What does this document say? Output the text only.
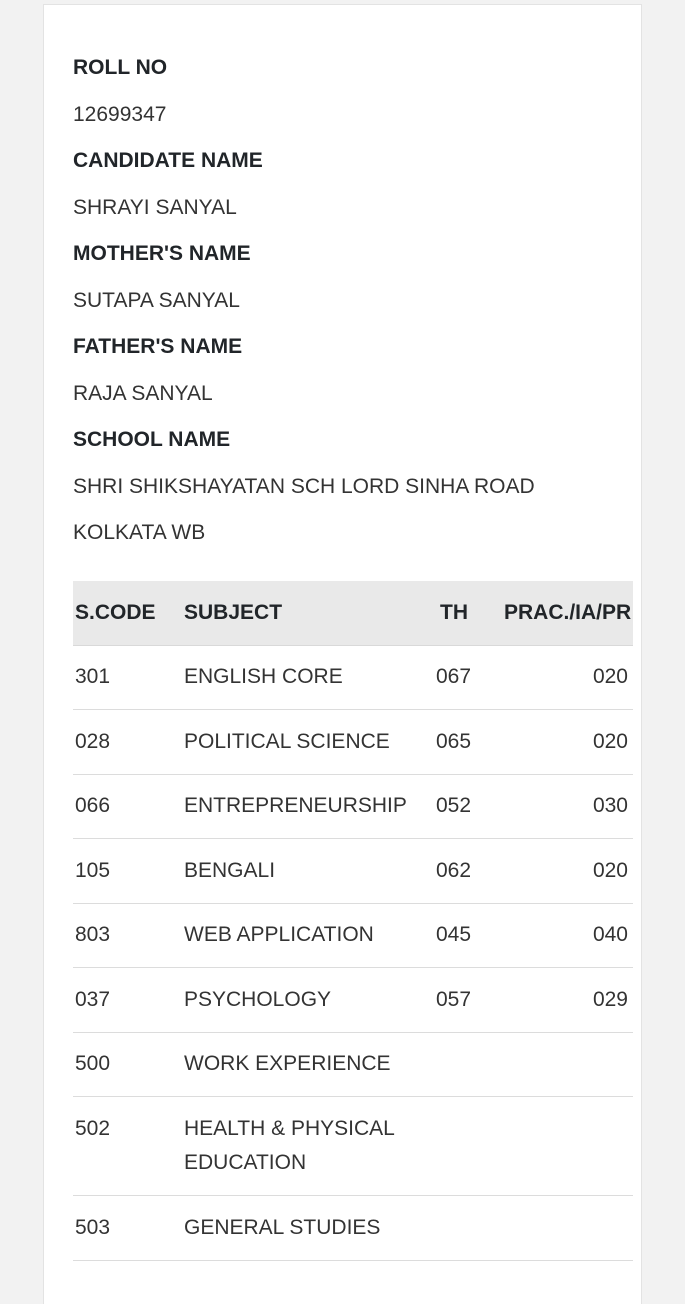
ROLL NO
12699347
CANDIDATE NAME
SHRAYI SANYAL
MOTHER'S NAME
SUTAPA SANYAL
FATHER'S NAME
RAJA SANYAL
SCHOOL NAME
SHRI SHIKSHAYATAN SCH LORD SINHA ROAD
KOLKATA WB
S.CODE	SUBJECT	TH	PRAC./IA/PR
301	ENGLISH CORE	067	020
028	POLITICAL SCIENCE	065	020
066	ENTREPRENEURSHIP	052	030
105	BENGALI	062	020
803	WEB APPLICATION	045	040
037	PSYCHOLOGY	057	029
500	WORK EXPERIENCE		
502	HEALTH & PHYSICAL EDUCATION		
503	GENERAL STUDIES		
